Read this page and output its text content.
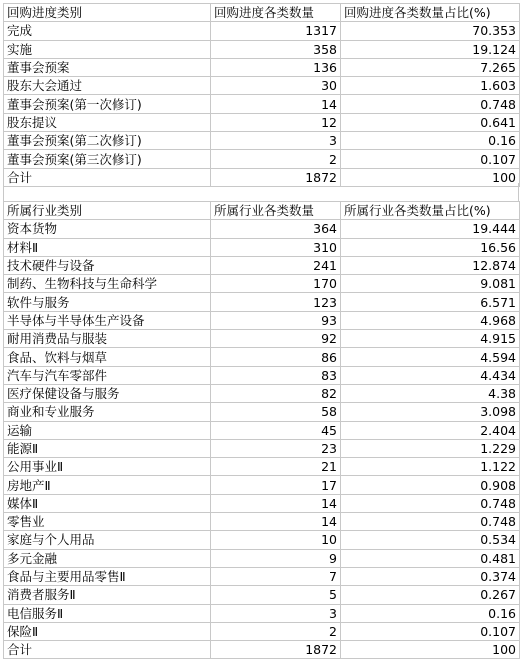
回购进度类别	回购进度各类数量	回购进度各类数量占比(%)
完成	1317	70.353
实施	358	19.124
董事会预案	136	7.265
股东大会通过	30	1.603
董事会预案(第一次修订)	14	0.748
股东提议	12	0.641
董事会预案(第二次修订)	3	0.16
董事会预案(第三次修订)	2	0.107
合计	1872	100
所属行业类别	所属行业各类数量	所属行业各类数量占比(%)
资本货物	364	19.444
材料Ⅱ	310	16.56
技术硬件与设备	241	12.874
制药、生物科技与生命科学	170	9.081
软件与服务	123	6.571
半导体与半导体生产设备	93	4.968
耐用消费品与服装	92	4.915
食品、饮料与烟草	86	4.594
汽车与汽车零部件	83	4.434
医疗保健设备与服务	82	4.38
商业和专业服务	58	3.098
运输	45	2.404
能源Ⅱ	23	1.229
公用事业Ⅱ	21	1.122
房地产Ⅱ	17	0.908
媒体Ⅱ	14	0.748
零售业	14	0.748
家庭与个人用品	10	0.534
多元金融	9	0.481
食品与主要用品零售Ⅱ	7	0.374
消费者服务Ⅱ	5	0.267
电信服务Ⅱ	3	0.16
保险Ⅱ	2	0.107
合计	1872	100
